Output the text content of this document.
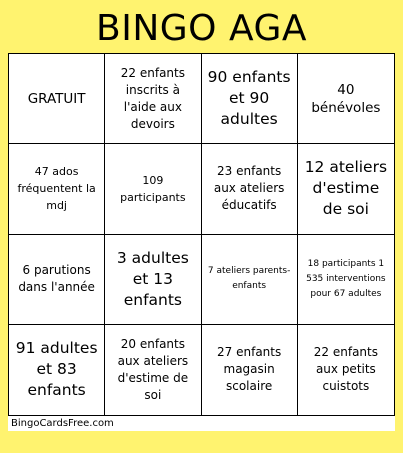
BINGO AGA
GRATUIT
22 enfants inscrits à l'aide aux devoirs
90 enfants et 90 adultes
40 bénévoles
47 ados fréquentent la mdj
109 participants
23 enfants aux ateliers éducatifs
12 ateliers d'estime de soi
6 parutions dans l'année
3 adultes et 13 enfants
7 ateliers parents-enfants
18 participants 1 535 interventions pour 67 adultes
91 adultes et 83 enfants
20 enfants aux ateliers d'estime de soi
27 enfants magasin scolaire
22 enfants aux petits cuistots
BingoCardsFree.com
